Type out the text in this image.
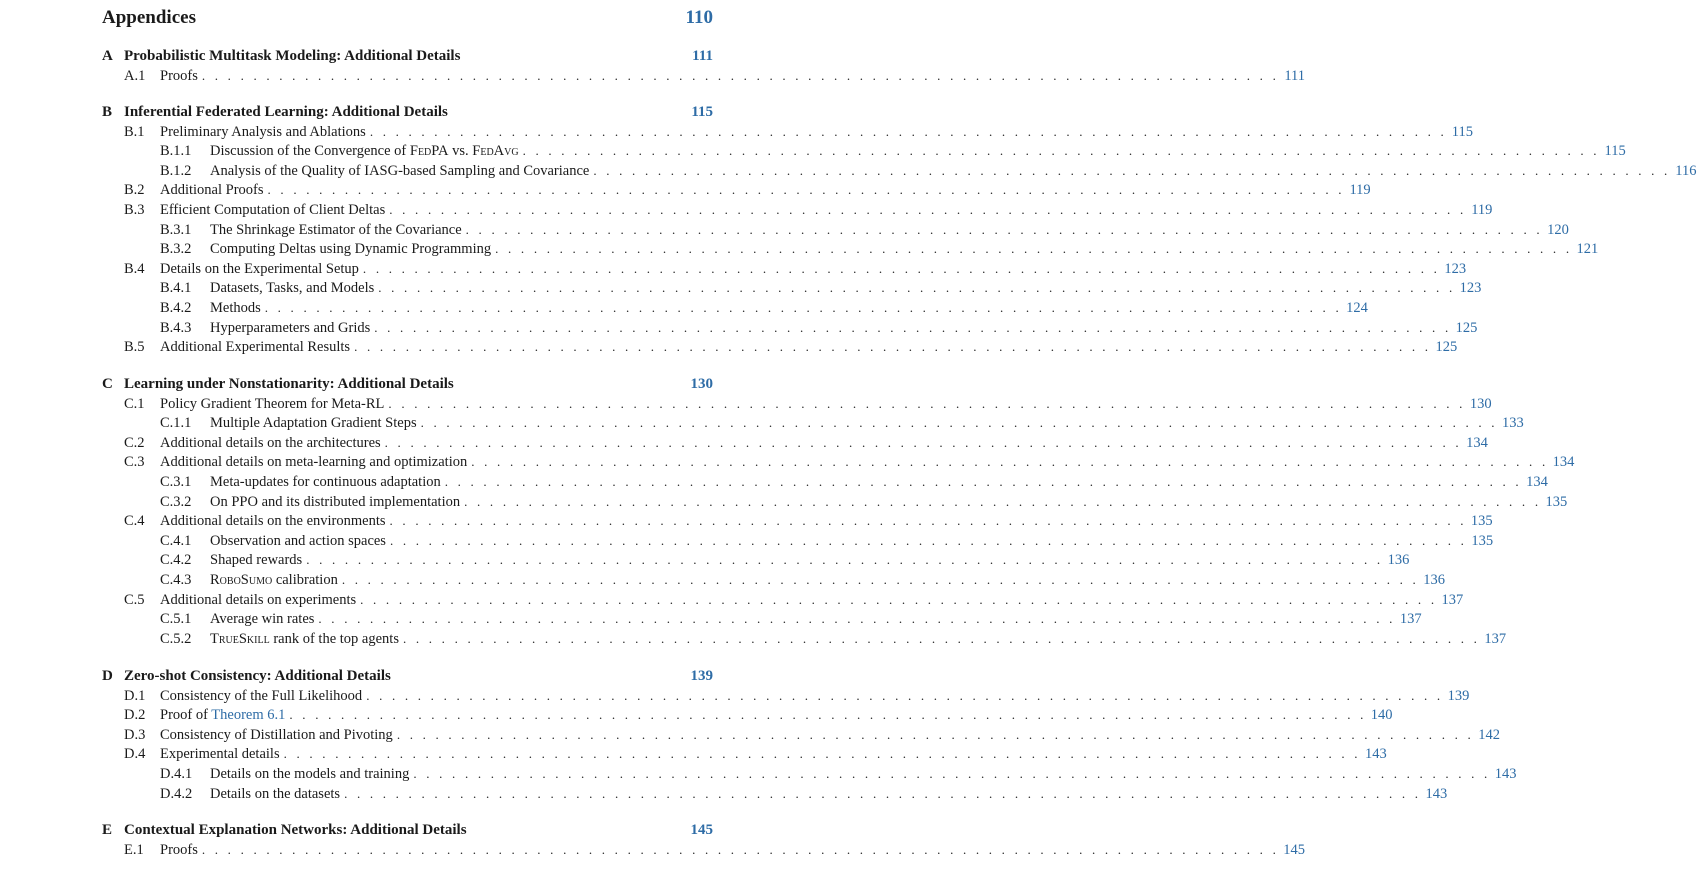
Appendices	110
A Probabilistic Multitask Modeling: Additional Details	111
A.1	Proofs . . . . . . . . . . . . . . . . . . . . . . . . . . . . . . . . . . . . . . . . . . . . . . . . . . . . . . . . . . . . . . . . . . . . . . . . . . . . . . . . . . . . 111
B Inferential Federated Learning: Additional Details	115
B.1	Preliminary Analysis and Ablations . . . . . . . . . . . . . . . . . . . . . . . . . . . . . . . . . . . . . . . . . . . . . . . . . . . . . . . . . . . . . . . . . . . . . . . . . . . . . . . . . . . . 115
B.1.1	Discussion of the Convergence of FedPA vs. FedAvg . . . . . . . . . . . . . . . . . . . . . . . . . . . . . . . . . . . . . . . . . . . . . . . . . . . . . . . . . . . . . . . . . . . . . . . . . . . . . . . . . . . . 115
B.1.2	Analysis of the Quality of IASG-based Sampling and Covariance . . . . . . . . . . . . . . . . . . . . . . . . . . . . . . . . . . . . . . . . . . . . . . . . . . . . . . . . . . . . . . . . . . . . . . . . . . . . . . . . . . . . 116
B.2	Additional Proofs . . . . . . . . . . . . . . . . . . . . . . . . . . . . . . . . . . . . . . . . . . . . . . . . . . . . . . . . . . . . . . . . . . . . . . . . . . . . . . . . . . . . 119
B.3	Efficient Computation of Client Deltas . . . . . . . . . . . . . . . . . . . . . . . . . . . . . . . . . . . . . . . . . . . . . . . . . . . . . . . . . . . . . . . . . . . . . . . . . . . . . . . . . . . . 119
B.3.1	The Shrinkage Estimator of the Covariance . . . . . . . . . . . . . . . . . . . . . . . . . . . . . . . . . . . . . . . . . . . . . . . . . . . . . . . . . . . . . . . . . . . . . . . . . . . . . . . . . . . . 120
B.3.2	Computing Deltas using Dynamic Programming . . . . . . . . . . . . . . . . . . . . . . . . . . . . . . . . . . . . . . . . . . . . . . . . . . . . . . . . . . . . . . . . . . . . . . . . . . . . . . . . . . . . 121
B.4	Details on the Experimental Setup . . . . . . . . . . . . . . . . . . . . . . . . . . . . . . . . . . . . . . . . . . . . . . . . . . . . . . . . . . . . . . . . . . . . . . . . . . . . . . . . . . . . 123
B.4.1	Datasets, Tasks, and Models . . . . . . . . . . . . . . . . . . . . . . . . . . . . . . . . . . . . . . . . . . . . . . . . . . . . . . . . . . . . . . . . . . . . . . . . . . . . . . . . . . . . 123
B.4.2	Methods . . . . . . . . . . . . . . . . . . . . . . . . . . . . . . . . . . . . . . . . . . . . . . . . . . . . . . . . . . . . . . . . . . . . . . . . . . . . . . . . . . . . 124
B.4.3	Hyperparameters and Grids . . . . . . . . . . . . . . . . . . . . . . . . . . . . . . . . . . . . . . . . . . . . . . . . . . . . . . . . . . . . . . . . . . . . . . . . . . . . . . . . . . . . 125
B.5	Additional Experimental Results . . . . . . . . . . . . . . . . . . . . . . . . . . . . . . . . . . . . . . . . . . . . . . . . . . . . . . . . . . . . . . . . . . . . . . . . . . . . . . . . . . . . 125
C Learning under Nonstationarity: Additional Details	130
C.1	Policy Gradient Theorem for Meta-RL . . . . . . . . . . . . . . . . . . . . . . . . . . . . . . . . . . . . . . . . . . . . . . . . . . . . . . . . . . . . . . . . . . . . . . . . . . . . . . . . . . . . 130
C.1.1	Multiple Adaptation Gradient Steps . . . . . . . . . . . . . . . . . . . . . . . . . . . . . . . . . . . . . . . . . . . . . . . . . . . . . . . . . . . . . . . . . . . . . . . . . . . . . . . . . . . . 133
C.2	Additional details on the architectures . . . . . . . . . . . . . . . . . . . . . . . . . . . . . . . . . . . . . . . . . . . . . . . . . . . . . . . . . . . . . . . . . . . . . . . . . . . . . . . . . . . . 134
C.3	Additional details on meta-learning and optimization . . . . . . . . . . . . . . . . . . . . . . . . . . . . . . . . . . . . . . . . . . . . . . . . . . . . . . . . . . . . . . . . . . . . . . . . . . . . . . . . . . . . 134
C.3.1	Meta-updates for continuous adaptation . . . . . . . . . . . . . . . . . . . . . . . . . . . . . . . . . . . . . . . . . . . . . . . . . . . . . . . . . . . . . . . . . . . . . . . . . . . . . . . . . . . . 134
C.3.2	On PPO and its distributed implementation . . . . . . . . . . . . . . . . . . . . . . . . . . . . . . . . . . . . . . . . . . . . . . . . . . . . . . . . . . . . . . . . . . . . . . . . . . . . . . . . . . . . 135
C.4	Additional details on the environments . . . . . . . . . . . . . . . . . . . . . . . . . . . . . . . . . . . . . . . . . . . . . . . . . . . . . . . . . . . . . . . . . . . . . . . . . . . . . . . . . . . . 135
C.4.1	Observation and action spaces . . . . . . . . . . . . . . . . . . . . . . . . . . . . . . . . . . . . . . . . . . . . . . . . . . . . . . . . . . . . . . . . . . . . . . . . . . . . . . . . . . . . 135
C.4.2	Shaped rewards . . . . . . . . . . . . . . . . . . . . . . . . . . . . . . . . . . . . . . . . . . . . . . . . . . . . . . . . . . . . . . . . . . . . . . . . . . . . . . . . . . . . 136
C.4.3	RoboSumo calibration . . . . . . . . . . . . . . . . . . . . . . . . . . . . . . . . . . . . . . . . . . . . . . . . . . . . . . . . . . . . . . . . . . . . . . . . . . . . . . . . . . . . 136
C.5	Additional details on experiments . . . . . . . . . . . . . . . . . . . . . . . . . . . . . . . . . . . . . . . . . . . . . . . . . . . . . . . . . . . . . . . . . . . . . . . . . . . . . . . . . . . . 137
C.5.1	Average win rates . . . . . . . . . . . . . . . . . . . . . . . . . . . . . . . . . . . . . . . . . . . . . . . . . . . . . . . . . . . . . . . . . . . . . . . . . . . . . . . . . . . . 137
C.5.2	TrueSkill rank of the top agents . . . . . . . . . . . . . . . . . . . . . . . . . . . . . . . . . . . . . . . . . . . . . . . . . . . . . . . . . . . . . . . . . . . . . . . . . . . . . . . . . . . . 137
D Zero-shot Consistency: Additional Details	139
D.1	Consistency of the Full Likelihood . . . . . . . . . . . . . . . . . . . . . . . . . . . . . . . . . . . . . . . . . . . . . . . . . . . . . . . . . . . . . . . . . . . . . . . . . . . . . . . . . . . . 139
D.2	Proof of Theorem 6.1 . . . . . . . . . . . . . . . . . . . . . . . . . . . . . . . . . . . . . . . . . . . . . . . . . . . . . . . . . . . . . . . . . . . . . . . . . . . . . . . . . . . . 140
D.3	Consistency of Distillation and Pivoting . . . . . . . . . . . . . . . . . . . . . . . . . . . . . . . . . . . . . . . . . . . . . . . . . . . . . . . . . . . . . . . . . . . . . . . . . . . . . . . . . . . . 142
D.4	Experimental details . . . . . . . . . . . . . . . . . . . . . . . . . . . . . . . . . . . . . . . . . . . . . . . . . . . . . . . . . . . . . . . . . . . . . . . . . . . . . . . . . . . . 143
D.4.1	Details on the models and training . . . . . . . . . . . . . . . . . . . . . . . . . . . . . . . . . . . . . . . . . . . . . . . . . . . . . . . . . . . . . . . . . . . . . . . . . . . . . . . . . . . . 143
D.4.2	Details on the datasets . . . . . . . . . . . . . . . . . . . . . . . . . . . . . . . . . . . . . . . . . . . . . . . . . . . . . . . . . . . . . . . . . . . . . . . . . . . . . . . . . . . . 143
E Contextual Explanation Networks: Additional Details	145
E.1	Proofs . . . . . . . . . . . . . . . . . . . . . . . . . . . . . . . . . . . . . . . . . . . . . . . . . . . . . . . . . . . . . . . . . . . . . . . . . . . . . . . . . . . . 145
